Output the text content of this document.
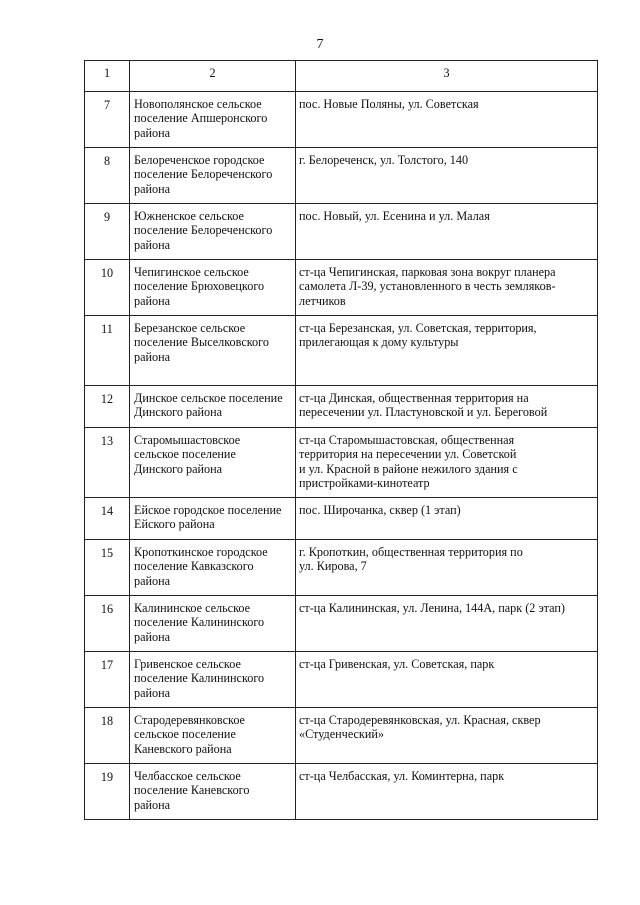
7
1	2	3
7	Новополянское сельское
поселение Апшеронского
района	пос. Новые Поляны, ул. Советская

8	Белореченское городское
поселение Белореченского
района	г. Белореченск, ул. Толстого, 140

9	Южненское сельское
поселение Белореченского
района	пос. Новый, ул. Есенина и ул. Малая

10	Чепигинское сельское
поселение Брюховецкого
района	ст-ца Чепигинская, парковая зона вокруг планера
самолета Л-39, установленного в честь земляков-
летчиков

11	Березанское сельское
поселение Выселковского
района	ст-ца Березанская, ул. Советская, территория,
прилегающая к дому культуры

12	Динское сельское поселение
Динского района	ст-ца Динская, общественная территория на
пересечении ул. Пластуновской и ул. Береговой

13	Старомышастовское
сельское поселение
Динского района	ст-ца Старомышастовская, общественная
территория на пересечении ул. Советской
и ул. Красной в районе нежилого здания с
пристройками-кинотеатр

14	Ейское городское поселение
Ейского района	пос. Широчанка, сквер (1 этап)

15	Кропоткинское городское
поселение Кавказского
района	г. Кропоткин, общественная территория по
ул. Кирова, 7

16	Калининское сельское
поселение Калининского
района	ст-ца Калининская, ул. Ленина, 144А, парк (2 этап)

17	Гривенское сельское
поселение Калининского
района	ст-ца Гривенская, ул. Советская, парк

18	Стародеревянковское
сельское поселение
Каневского района	ст-ца Стародеревянковская, ул. Красная, сквер
«Студенческий»

19	Челбасское сельское
поселение Каневского
района	ст-ца Челбасская, ул. Коминтерна, парк
